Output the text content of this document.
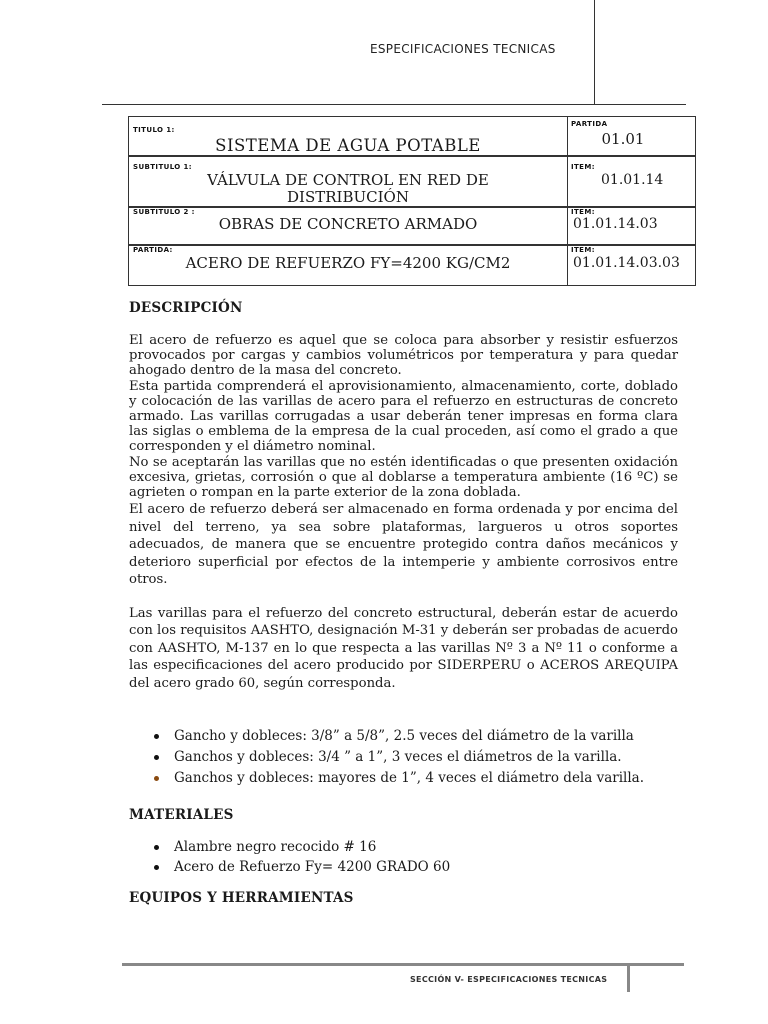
ESPECIFICACIONES TECNICAS
TITULO 1:
SISTEMA DE AGUA POTABLE
PARTIDA
01.01
SUBTITULO 1:
VÁLVULA DE CONTROL EN RED DE
DISTRIBUCIÓN
ITEM:
01.01.14
SUBTITULO 2 :
OBRAS DE CONCRETO ARMADO
ITEM:
01.01.14.03
PARTIDA:
ACERO DE REFUERZO FY=4200 KG/CM2
ITEM:
01.01.14.03.03
DESCRIPCIÓN

El acero de refuerzo es aquel que se coloca para absorber y resistir esfuerzos provocados por cargas y cambios volumétricos por temperatura y para quedar ahogado dentro de la masa del concreto.

Esta partida comprenderá el aprovisionamiento, almacenamiento, corte, doblado y colocación de las varillas de acero para el refuerzo en estructuras de concreto armado. Las varillas corrugadas a usar deberán tener impresas en forma clara las siglas o emblema de la empresa de la cual proceden, así como el grado a que corresponden y el diámetro nominal.

No se aceptarán las varillas que no estén identificadas o que presenten oxidación excesiva, grietas, corrosión o que al doblarse a temperatura ambiente (16 ºC) se agrieten o rompan en la parte exterior de la zona doblada.

El acero de refuerzo deberá ser almacenado en forma ordenada y por encima del nivel del terreno, ya sea sobre plataformas, largueros u otros soportes adecuados, de manera que se encuentre protegido contra daños mecánicos y deterioro superficial por efectos de la intemperie y ambiente corrosivos entre otros.

Las varillas para el refuerzo del concreto estructural, deberán estar de acuerdo con los requisitos AASHTO, designación M-31 y deberán ser probadas de acuerdo con AASHTO, M-137 en lo que respecta a las varillas Nº 3 a Nº 11 o conforme a las especificaciones del acero producido por SIDERPERU o ACEROS AREQUIPA del acero grado 60, según corresponda.

Gancho y dobleces: 3/8” a 5/8”, 2.5 veces del diámetro de la varilla
Ganchos y dobleces: 3/4 ” a 1”, 3 veces el diámetros de la varilla.
Ganchos y dobleces: mayores de 1”, 4 veces el diámetro dela varilla.
MATERIALES
Alambre negro recocido # 16
Acero de Refuerzo Fy= 4200 GRADO 60
EQUIPOS Y HERRAMIENTAS
SECCIÓN V- ESPECIFICACIONES TECNICAS
